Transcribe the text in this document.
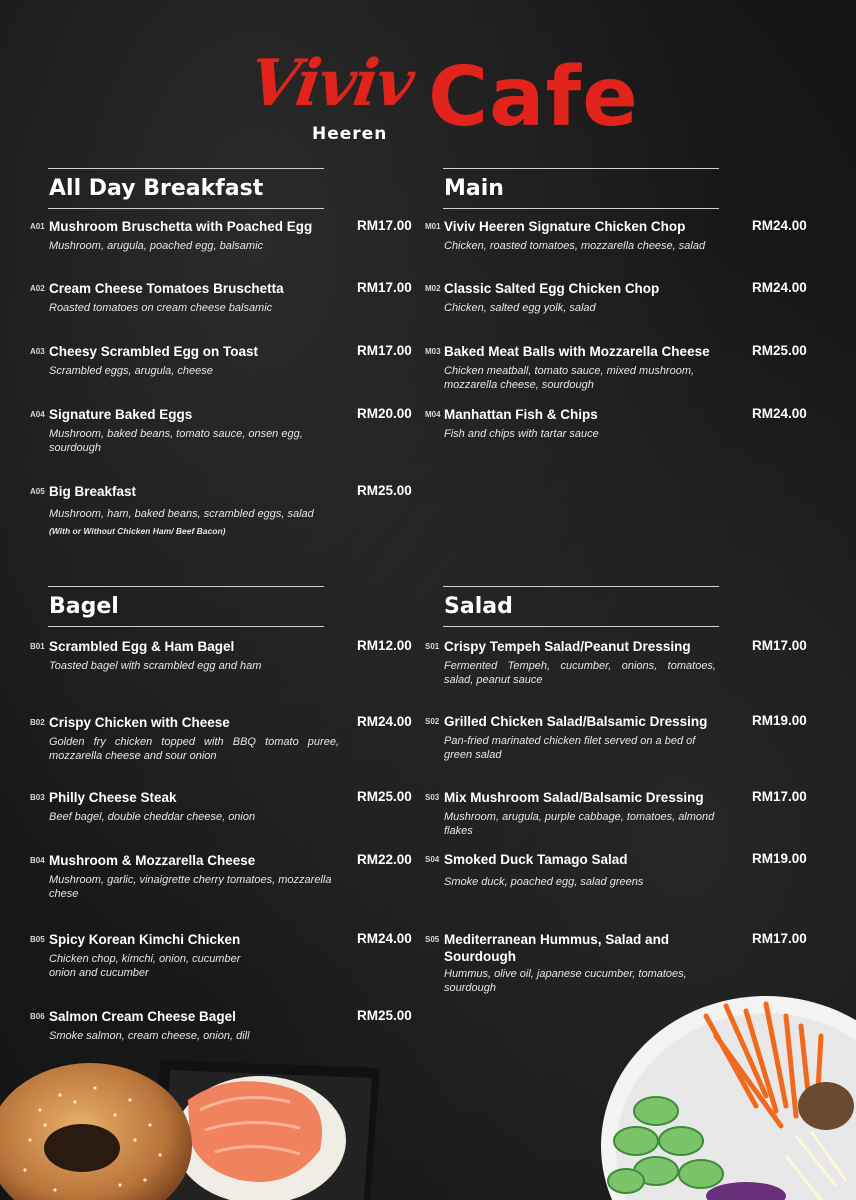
Viviv
Heeren Cafe
All Day Breakfast
A01 Mushroom Bruschetta with Poached Egg	RM17.00
Mushroom, arugula, poached egg, balsamic
A02 Cream Cheese Tomatoes Bruschetta	RM17.00
Roasted tomatoes on cream cheese balsamic
A03 Cheesy Scrambled Egg on Toast	RM17.00
Scrambled eggs, arugula, cheese
A04 Signature Baked Eggs	RM20.00
Mushroom, baked beans, tomato sauce, onsen egg, sourdough
A05 Big Breakfast	RM25.00
Mushroom, ham, baked beans, scrambled eggs, salad
(With or Without Chicken Ham/ Beef Bacon)
Main
M01 Viviv Heeren Signature Chicken Chop	RM24.00
Chicken, roasted tomatoes, mozzarella cheese, salad
M02 Classic Salted Egg Chicken Chop	RM24.00
Chicken, salted egg yolk, salad
M03 Baked Meat Balls with Mozzarella Cheese	RM25.00
Chicken meatball, tomato sauce, mixed mushroom, mozzarella cheese, sourdough
M04 Manhattan Fish & Chips	RM24.00
Fish and chips with tartar sauce
Bagel
B01 Scrambled Egg & Ham Bagel	RM12.00
Toasted bagel with scrambled egg and ham
B02 Crispy Chicken with Cheese	RM24.00
Golden fry chicken topped with BBQ tomato puree, mozzarella cheese and sour onion
B03 Philly Cheese Steak	RM25.00
Beef bagel, double cheddar cheese, onion
B04 Mushroom & Mozzarella Cheese	RM22.00
Mushroom, garlic, vinaigrette cherry tomatoes, mozzarella chese
B05 Spicy Korean Kimchi Chicken	RM24.00
Chicken chop, kimchi, onion, cucumber onion and cucumber
B06 Salmon Cream Cheese Bagel	RM25.00
Smoke salmon, cream cheese, onion, dill
Salad
S01 Crispy Tempeh Salad/Peanut Dressing	RM17.00
Fermented Tempeh, cucumber, onions, tomatoes, salad, peanut sauce
S02 Grilled Chicken Salad/Balsamic Dressing	RM19.00
Pan-fried marinated chicken filet served on a bed of green salad
S03 Mix Mushroom Salad/Balsamic Dressing	RM17.00
Mushroom, arugula, purple cabbage, tomatoes, almond flakes
S04 Smoked Duck Tamago Salad	RM19.00
Smoke duck, poached egg, salad greens
S05 Mediterranean Hummus, Salad and Sourdough
RM17.00
Hummus, olive oil, japanese cucumber, tomatoes, sourdough
